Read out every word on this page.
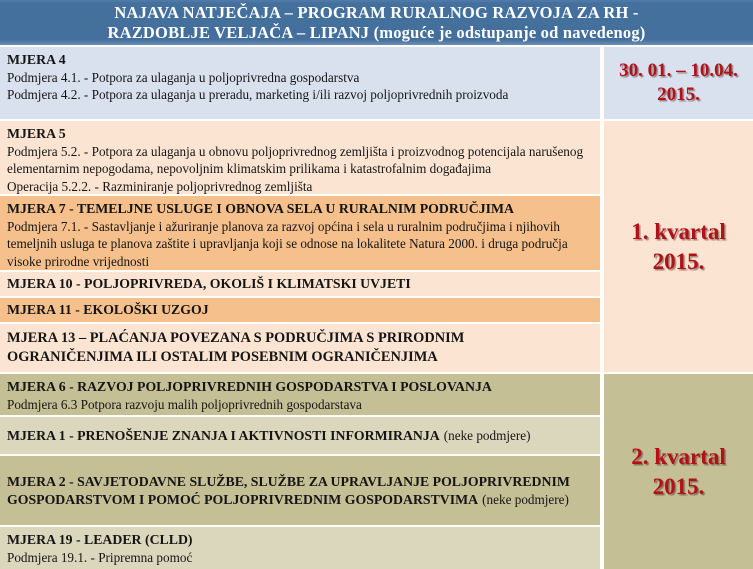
NAJAVA NATJEČAJA – PROGRAM RURALNOG RAZVOJA ZA RH -
RAZDOBLJE VELJAČA – LIPANJ (moguće je odstupanje od navedenog)
MJERA 4
Podmjera 4.1. - Potpora za ulaganja u poljoprivredna gospodarstva
Podmjera 4.2. - Potpora za ulaganja u preradu, marketing i/ili razvoj poljoprivrednih proizvoda
MJERA 5
Podmjera 5.2. - Potpora za ulaganja u obnovu poljoprivrednog zemljišta i proizvodnog potencijala narušenog elementarnim nepogodama, nepovoljnim klimatskim prilikama i katastrofalnim događajima
Operacija 5.2.2. - Razminiranje poljoprivrednog zemljišta
MJERA 7 - TEMELJNE USLUGE I OBNOVA SELA U RURALNIM PODRUČJIMA
Podmjera 7.1. - Sastavljanje i ažuriranje planova za razvoj općina i sela u ruralnim područjima i njihovih temeljnih usluga te planova zaštite i upravljanja koji se odnose na lokalitete Natura 2000. i druga područja visoke prirodne vrijednosti
MJERA 10 - POLJOPRIVREDA, OKOLIŠ I KLIMATSKI UVJETI
MJERA 11 - EKOLOŠKI UZGOJ
MJERA 13 – PLAĆANJA POVEZANA S PODRUČJIMA S PRIRODNIM OGRANIČENJIMA ILI OSTALIM POSEBNIM OGRANIČENJIMA
MJERA 6 - RAZVOJ POLJOPRIVREDNIH GOSPODARSTVA I POSLOVANJA
Podmjera 6.3 Potpora razvoju malih poljoprivrednih gospodarstava
MJERA 1 - PRENOŠENJE ZNANJA I AKTIVNOSTI INFORMIRANJA (neke podmjere)
MJERA 2 - SAVJETODAVNE SLUŽBE, SLUŽBE ZA UPRAVLJANJE POLJOPRIVREDNIM GOSPODARSTVOM I POMOĆ POLJOPRIVREDNIM GOSPODARSTVIMA (neke podmjere)
MJERA 19 - LEADER (CLLD)
Podmjera 19.1. - Pripremna pomoć
30. 01. – 10.04.
2015.
1. kvartal
2015.
2. kvartal
2015.
